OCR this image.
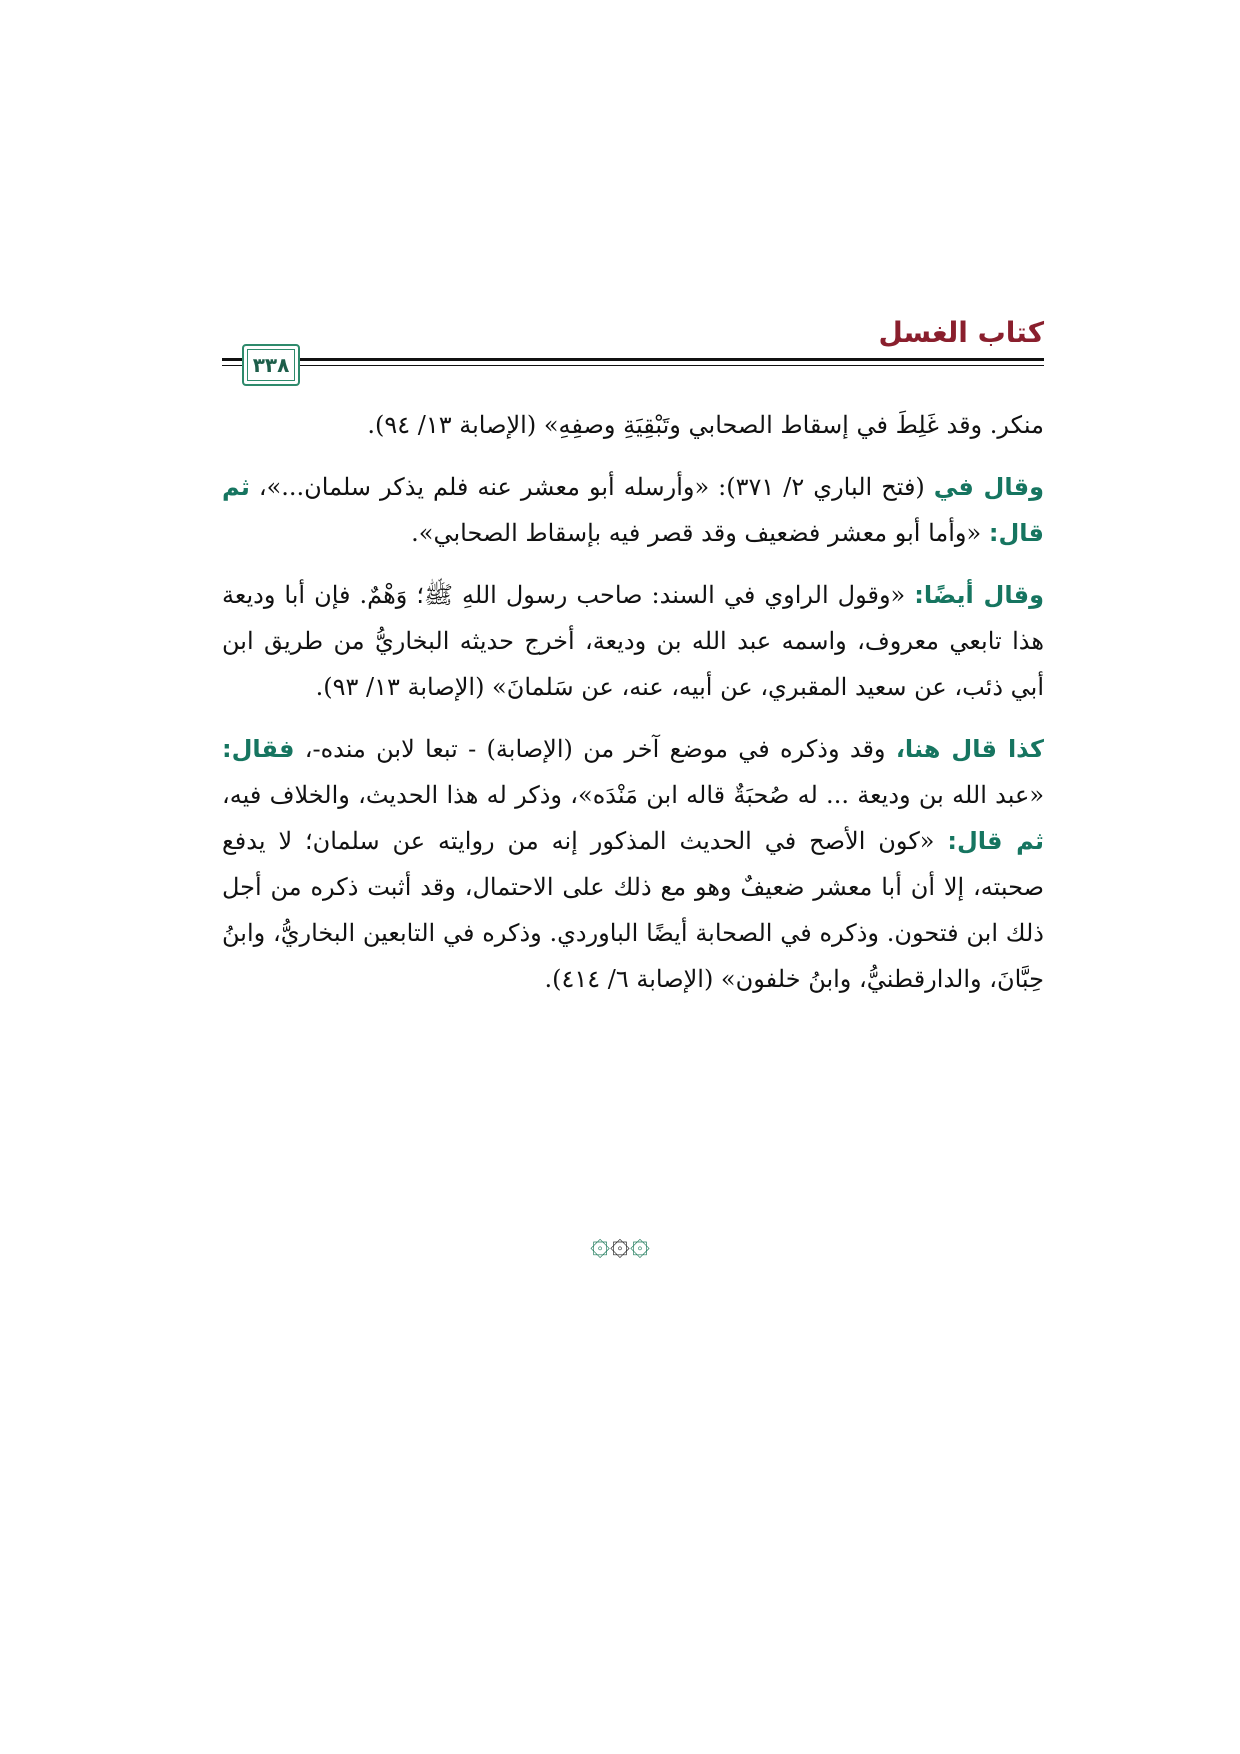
كتاب الغسل
٣٣٨

منكر. وقد غَلِطَ في إسقاط الصحابي وتَبْقِيَةِ وصفِهِ» (الإصابة ١٣/ ٩٤).

وقال في (فتح الباري ٢/ ٣٧١): «وأرسله أبو معشر عنه فلم يذكر سلمان...»، ثم قال: «وأما أبو معشر فضعيف وقد قصر فيه بإسقاط الصحابي».

وقال أيضًا: «وقول الراوي في السند: صاحب رسول اللهِ ﷺ؛ وَهْمٌ. فإن أبا وديعة هذا تابعي معروف، واسمه عبد الله بن وديعة، أخرج حديثه البخاريُّ من طريق ابن أبي ذئب، عن سعيد المقبري، عن أبيه، عنه، عن سَلمانَ» (الإصابة ١٣/ ٩٣).

كذا قال هنا، وقد وذكره في موضع آخر من (الإصابة) - تبعا لابن منده-، فقال: «عبد الله بن وديعة ... له صُحبَةٌ قاله ابن مَنْدَه»، وذكر له هذا الحديث، والخلاف فيه، ثم قال: «كون الأصح في الحديث المذكور إنه من روايته عن سلمان؛ لا يدفع صحبته، إلا أن أبا معشر ضعيفٌ وهو مع ذلك على الاحتمال، وقد أثبت ذكره من أجل ذلك ابن فتحون. وذكره في الصحابة أيضًا الباوردي. وذكره في التابعين البخاريُّ، وابنُ حِبَّانَ، والدارقطنيُّ، وابنُ خلفون» (الإصابة ٦/ ٤١٤).

۞۞۞
